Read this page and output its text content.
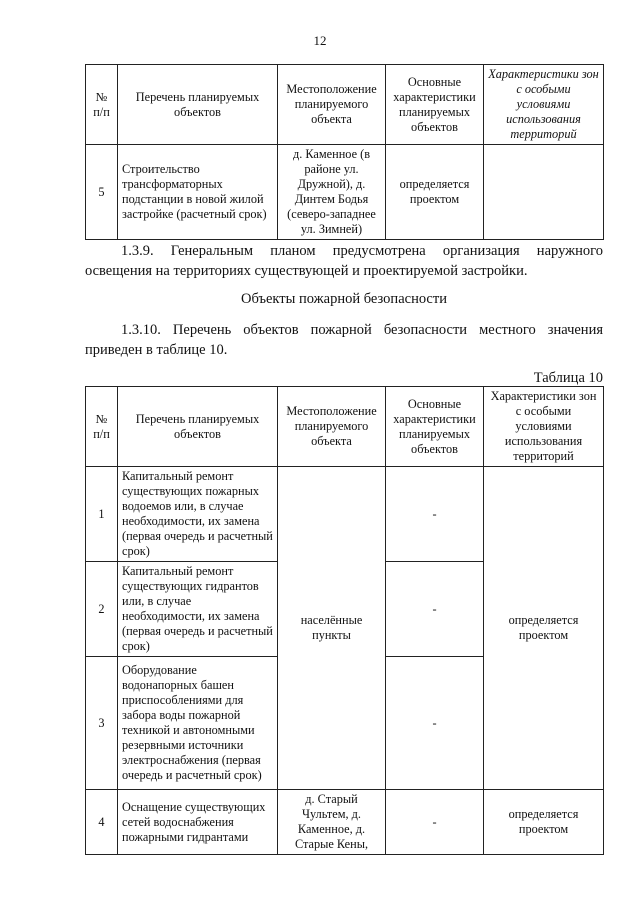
12
№ п/п	Перечень планируемых объектов	Местоположение планируемого объекта	Основные характеристики планируемых объектов	Характеристики зон с особыми условиями использования территорий
5	Строительство трансформаторных подстанции в новой жилой застройке (расчетный срок)	д. Каменное (в районе ул. Дружной), д. Динтем Бодья (северо-западнее ул. Зимней)	определяется проектом	
1.3.9. Генеральным планом предусмотрена организация наружного освещения на территориях существующей и проектируемой застройки.
Объекты пожарной безопасности
1.3.10. Перечень объектов пожарной безопасности местного значения приведен в таблице 10.
Таблица 10
№ п/п	Перечень планируемых объектов	Местоположение планируемого объекта	Основные характеристики планируемых объектов	Характеристики зон с особыми условиями использования территорий
1	Капитальный ремонт существующих пожарных водоемов или, в случае необходимости, их замена (первая очередь и расчетный срок)	населённые пункты	-	определяется проектом
2	Капитальный ремонт существующих гидрантов или, в случае необходимости, их замена (первая очередь и расчетный срок)		-	
3	Оборудование водонапорных башен приспособлениями для забора воды пожарной техникой и автономными резервными источники электроснабжения (первая очередь и расчетный срок)		-	
4	Оснащение существующих сетей водоснабжения пожарными гидрантами	д. Старый Чультем, д. Каменное, д. Старые Кены,	-	определяется проектом
